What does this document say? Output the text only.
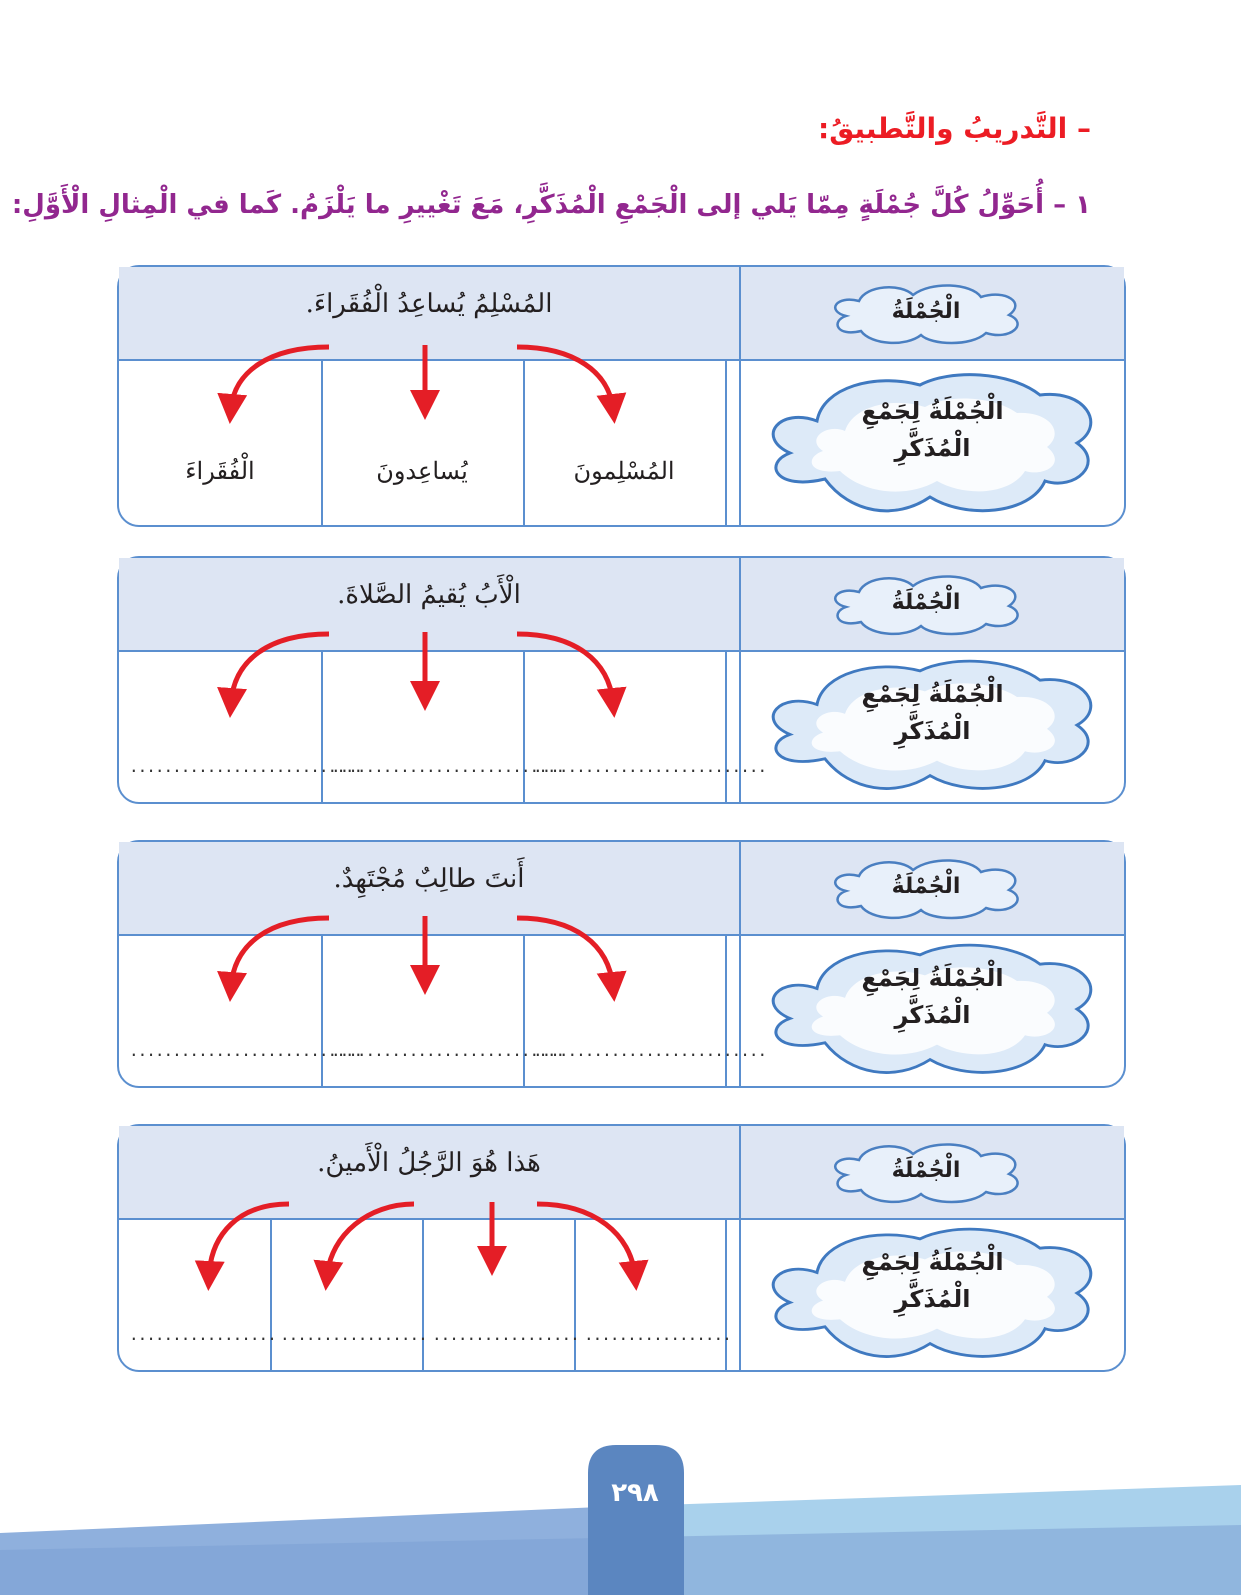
– التَّدريبُ والتَّطبيقُ:
١ – أُحَوِّلُ كُلَّ جُمْلَةٍ مِمّا يَلي إلى الْجَمْعِ الْمُذَكَّرِ، مَعَ تَغْييرِ ما يَلْزَمُ. كَما في الْمِثالِ الْأَوَّلِ:
الْجُمْلَةُ
الْجُمْلَةُ لِجَمْعِ
الْمُذَكَّرِ
المُسْلِمُ يُساعِدُ الْفُقَراءَ.
الْفُقَراءَ	يُساعِدونَ	المُسْلِمونَ
الْجُمْلَةُ
الْجُمْلَةُ لِجَمْعِ
الْمُذَكَّرِ
الْأَبُ يُقيمُ الصَّلاةَ.
...........................
...........................
...........................
الْجُمْلَةُ
الْجُمْلَةُ لِجَمْعِ
الْمُذَكَّرِ
أَنتَ طالِبٌ مُجْتَهِدٌ.
...........................
...........................
...........................
الْجُمْلَةُ
الْجُمْلَةُ لِجَمْعِ
الْمُذَكَّرِ
هَذا هُوَ الرَّجُلُ الْأَمينُ.
................. ................. ................. .................
٢٩٨
